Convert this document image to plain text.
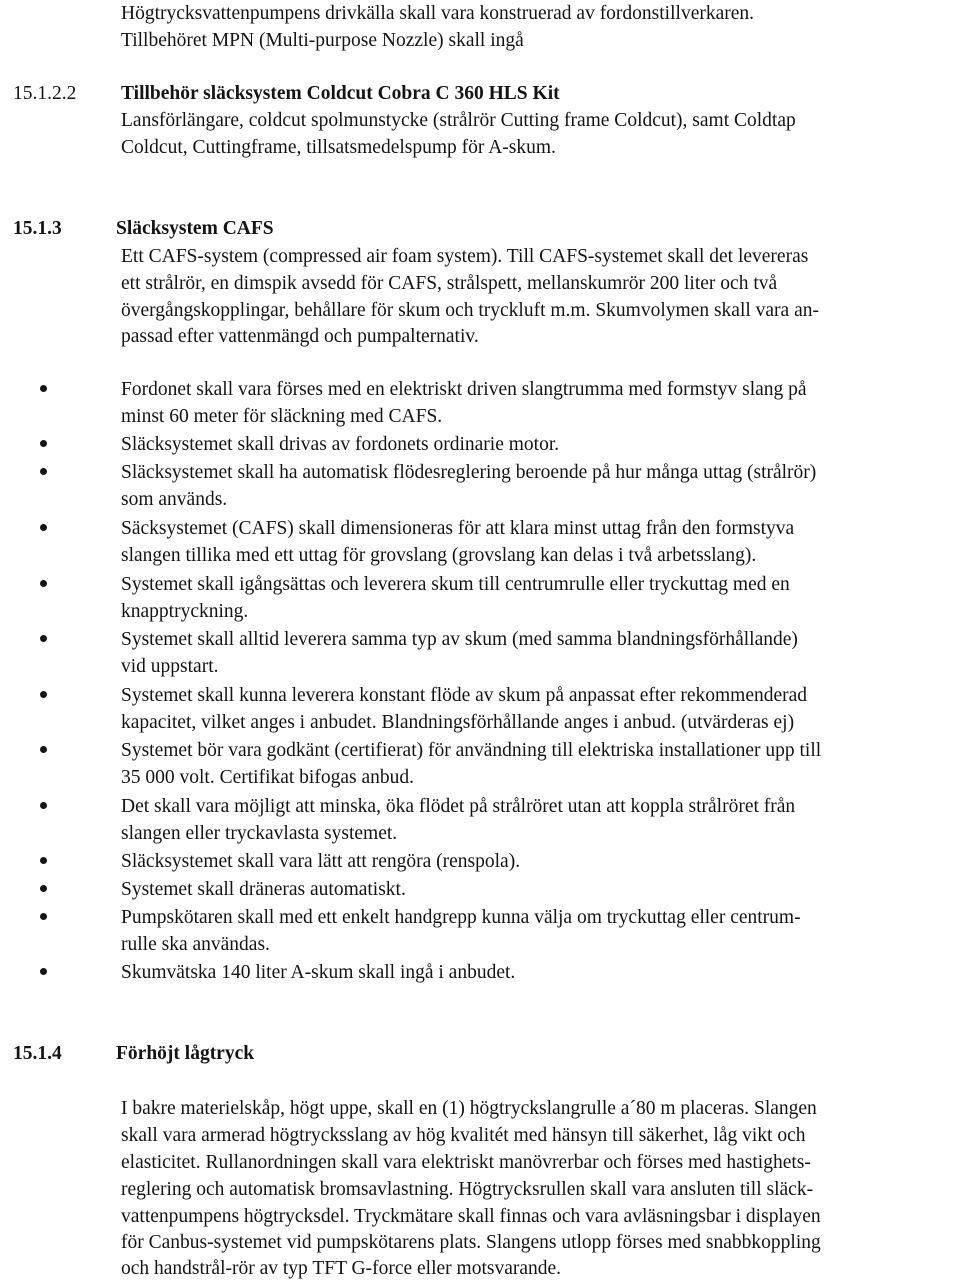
Högtrycksvattenpumpens drivkälla skall vara konstruerad av fordonstillverkaren.
Tillbehöret MPN (Multi-purpose Nozzle) skall ingå
15.1.2.2 Tillbehör släcksystem Coldcut Cobra C 360 HLS Kit
Lansförlängare, coldcut spolmunstycke (strålrör Cutting frame Coldcut), samt Coldtap
Coldcut, Cuttingframe, tillsatsmedelspump för A-skum.
15.1.3	Släcksystem CAFS
Ett CAFS-system (compressed air foam system). Till CAFS-systemet skall det levereras
ett strålrör, en dimspik avsedd för CAFS, strålspett, mellanskumrör 200 liter och två
övergångskopplingar, behållare för skum och tryckluft m.m. Skumvolymen skall vara an-
passad efter vattenmängd och pumpalternativ.
Fordonet skall vara förses med en elektriskt driven slangtrumma med formstyv slang på
minst 60 meter för släckning med CAFS.
Släcksystemet skall drivas av fordonets ordinarie motor.
Släcksystemet skall ha automatisk flödesreglering beroende på hur många uttag (strålrör)
som används.
Säcksystemet (CAFS) skall dimensioneras för att klara minst uttag från den formstyva
slangen tillika med ett uttag för grovslang (grovslang kan delas i två arbetsslang).
Systemet skall igångsättas och leverera skum till centrumrulle eller tryckuttag med en
knapptryckning.
Systemet skall alltid leverera samma typ av skum (med samma blandningsförhållande)
vid uppstart.
Systemet skall kunna leverera konstant flöde av skum på anpassat efter rekommenderad
kapacitet, vilket anges i anbudet. Blandningsförhållande anges i anbud. (utvärderas ej)
Systemet bör vara godkänt (certifierat) för användning till elektriska installationer upp till
35 000 volt. Certifikat bifogas anbud.
Det skall vara möjligt att minska, öka flödet på strålröret utan att koppla strålröret från
slangen eller tryckavlasta systemet.
Släcksystemet skall vara lätt att rengöra (renspola).
Systemet skall dräneras automatiskt.
Pumpskötaren skall med ett enkelt handgrepp kunna välja om tryckuttag eller centrum-
rulle ska användas.
Skumvätska 140 liter A-skum skall ingå i anbudet.
15.1.4	Förhöjt lågtryck
I bakre materielskåp, högt uppe, skall en (1) högtryckslangrulle a´80 m placeras. Slangen
skall vara armerad högtrycksslang av hög kvalitét med hänsyn till säkerhet, låg vikt och
elasticitet. Rullanordningen skall vara elektriskt manövrerbar och förses med hastighets-
reglering och automatisk bromsavlastning. Högtrycksrullen skall vara ansluten till släck-
vattenpumpens högtrycksdel. Tryckmätare skall finnas och vara avläsningsbar i displayen
för Canbus-systemet vid pumpskötarens plats. Slangens utlopp förses med snabbkoppling
och handstrål-rör av typ TFT G-force eller motsvarande.
